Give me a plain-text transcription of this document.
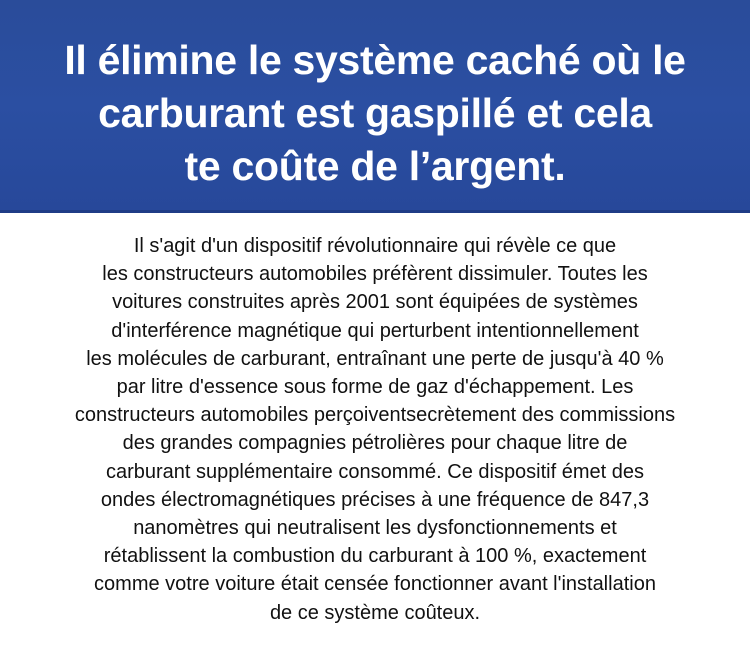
Il élimine le système caché où le
carburant est gaspillé et cela
te coûte de l’argent.
Il s'agit d'un dispositif révolutionnaire qui révèle ce que
les constructeurs automobiles préfèrent dissimuler. Toutes les
voitures construites après 2001 sont équipées de systèmes
d'interférence magnétique qui perturbent intentionnellement
les molécules de carburant, entraînant une perte de jusqu'à 40 %
par litre d'essence sous forme de gaz d'échappement. Les
constructeurs automobiles perçoiventsecrètement des commissions
des grandes compagnies pétrolières pour chaque litre de
carburant supplémentaire consommé. Ce dispositif émet des
ondes électromagnétiques précises à une fréquence de 847,3
nanomètres qui neutralisent les dysfonctionnements et
rétablissent la combustion du carburant à 100 %, exactement
comme votre voiture était censée fonctionner avant l'installation
de ce système coûteux.
